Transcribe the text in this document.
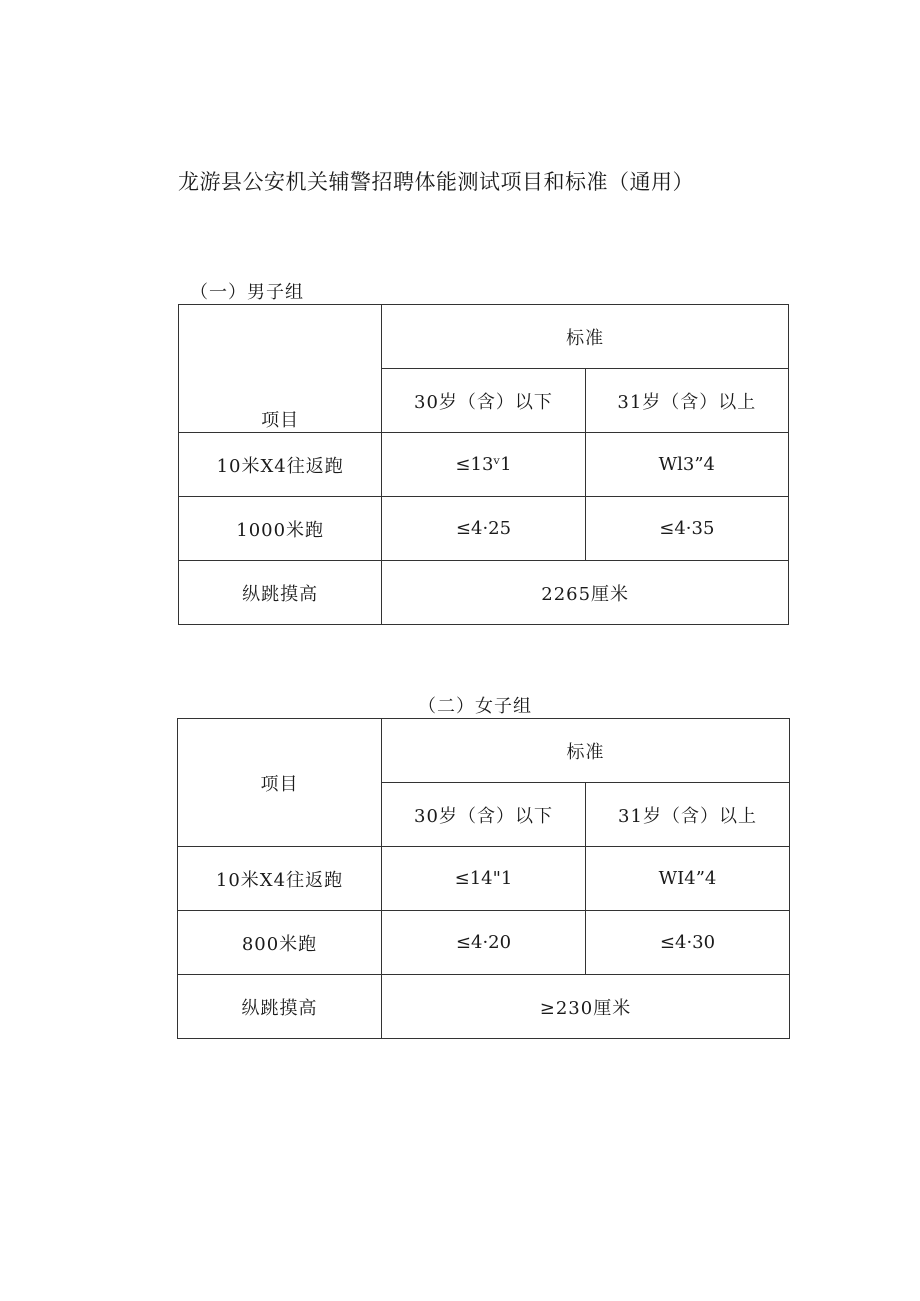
龙游县公安机关辅警招聘体能测试项目和标准（通用）
（一）男子组
项目	标准	
	30岁（含）以下	31岁（含）以上
10米X4往返跑	≤13ᵛ1	Wl3”4
1000米跑	≤4·25	≤4·35
纵跳摸高	2265厘米	
（二）女子组
项目	标准	
	30岁（含）以下	31岁（含）以上
10米X4往返跑	≤14"1	WI4”4
800米跑	≤4·20	≤4·30
纵跳摸高	≥230厘米	
